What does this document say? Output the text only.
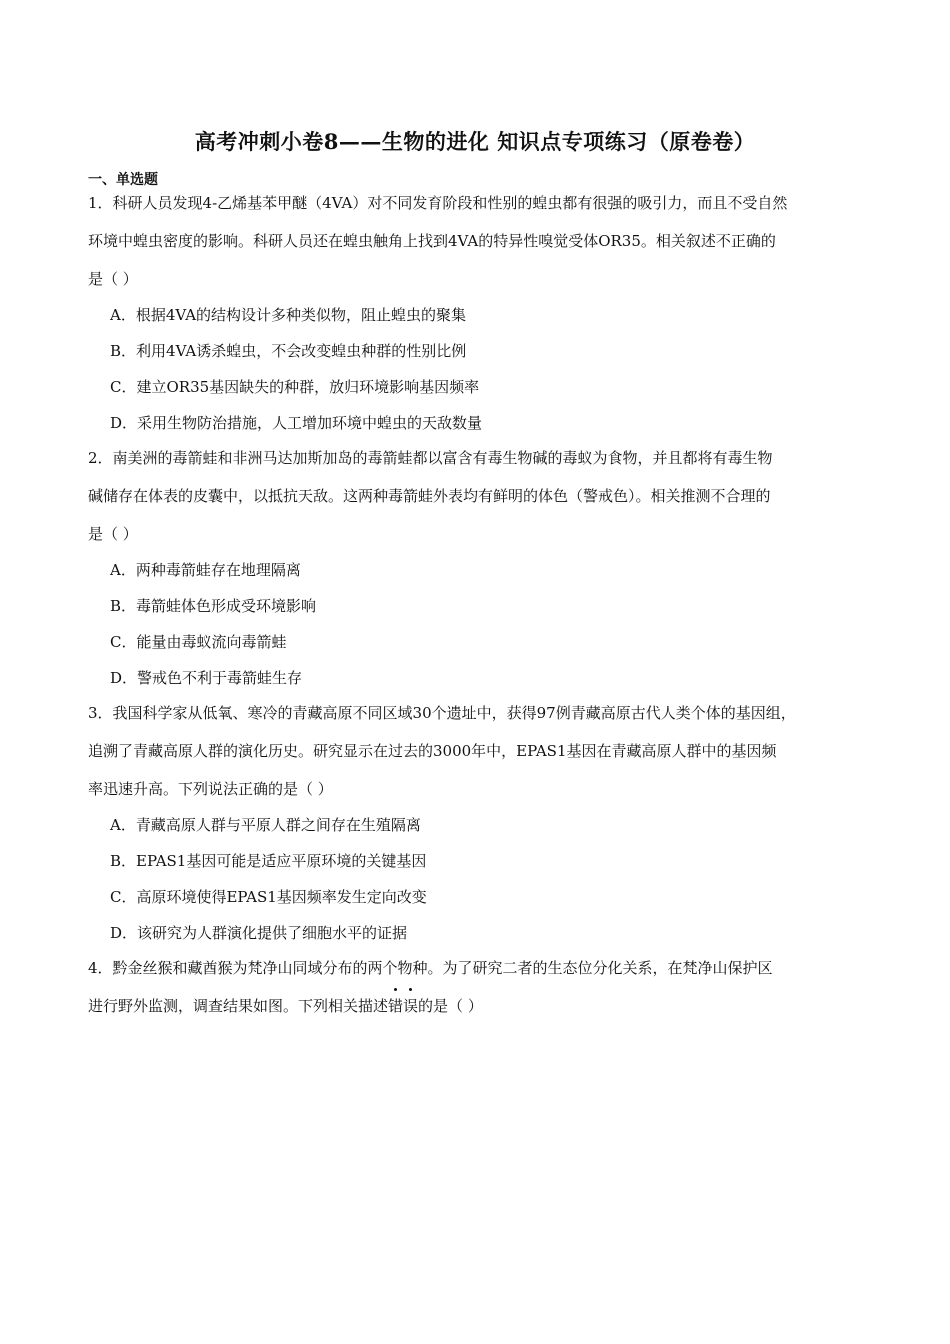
高考冲刺小卷8——生物的进化 知识点专项练习（原卷卷）
一、单选题
1．科研人员发现4-乙烯基苯甲醚（4VA）对不同发育阶段和性别的蝗虫都有很强的吸引力，而且不受自然
环境中蝗虫密度的影响。科研人员还在蝗虫触角上找到4VA的特异性嗅觉受体OR35。相关叙述不正确的
是（ ）
A．根据4VA的结构设计多种类似物，阻止蝗虫的聚集
B．利用4VA诱杀蝗虫，不会改变蝗虫种群的性别比例
C．建立OR35基因缺失的种群，放归环境影响基因频率
D．采用生物防治措施，人工增加环境中蝗虫的天敌数量
2．南美洲的毒箭蛙和非洲马达加斯加岛的毒箭蛙都以富含有毒生物碱的毒蚁为食物，并且都将有毒生物
碱储存在体表的皮囊中，以抵抗天敌。这两种毒箭蛙外表均有鲜明的体色（警戒色）。相关推测不合理的
是（ ）
A．两种毒箭蛙存在地理隔离
B．毒箭蛙体色形成受环境影响
C．能量由毒蚁流向毒箭蛙
D．警戒色不利于毒箭蛙生存
3．我国科学家从低氧、寒冷的青藏高原不同区域30个遗址中，获得97例青藏高原古代人类个体的基因组，
追溯了青藏高原人群的演化历史。研究显示在过去的3000年中，EPAS1基因在青藏高原人群中的基因频
率迅速升高。下列说法正确的是（ ）
A．青藏高原人群与平原人群之间存在生殖隔离
B．EPAS1基因可能是适应平原环境的关键基因
C．高原环境使得EPAS1基因频率发生定向改变
D．该研究为人群演化提供了细胞水平的证据
4．黔金丝猴和藏酋猴为梵净山同域分布的两个物种。为了研究二者的生态位分化关系，在梵净山保护区
进行野外监测，调查结果如图。下列相关描述错误的是（ ）
